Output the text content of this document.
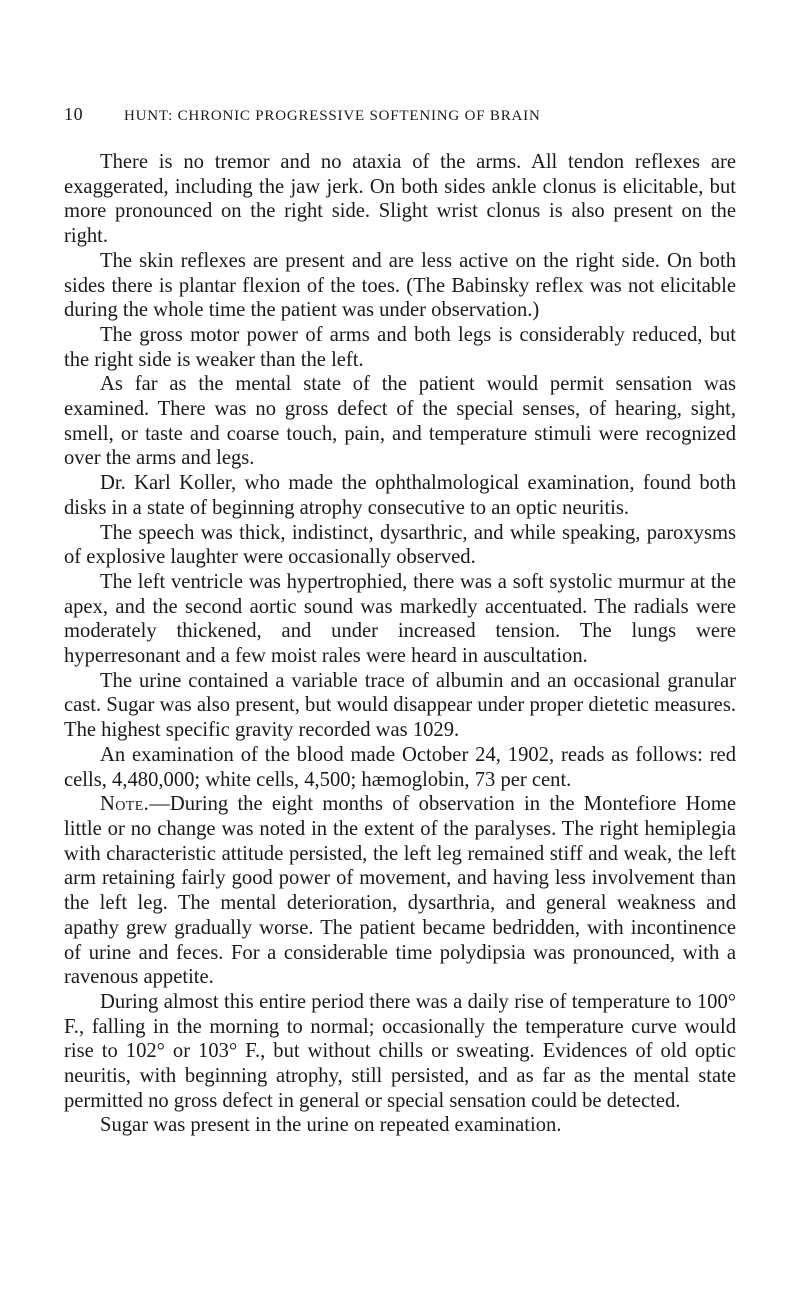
10	HUNT: CHRONIC PROGRESSIVE SOFTENING OF BRAIN

There is no tremor and no ataxia of the arms. All tendon reflexes are exaggerated, including the jaw jerk. On both sides ankle clonus is elicitable, but more pronounced on the right side. Slight wrist clonus is also present on the right.

The skin reflexes are present and are less active on the right side. On both sides there is plantar flexion of the toes. (The Babinsky reflex was not elicitable during the whole time the patient was under observation.)

The gross motor power of arms and both legs is considerably reduced, but the right side is weaker than the left.

As far as the mental state of the patient would permit sensation was examined. There was no gross defect of the special senses, of hearing, sight, smell, or taste and coarse touch, pain, and temperature stimuli were recognized over the arms and legs.

Dr. Karl Koller, who made the ophthalmological examination, found both disks in a state of beginning atrophy consecutive to an optic neuritis.

The speech was thick, indistinct, dysarthric, and while speaking, paroxysms of explosive laughter were occasionally observed.

The left ventricle was hypertrophied, there was a soft systolic murmur at the apex, and the second aortic sound was markedly accentuated. The radials were moderately thickened, and under increased tension. The lungs were hyperresonant and a few moist rales were heard in auscultation.

The urine contained a variable trace of albumin and an occasional granular cast. Sugar was also present, but would disappear under proper dietetic measures. The highest specific gravity recorded was 1029.

An examination of the blood made October 24, 1902, reads as follows: red cells, 4,480,000; white cells, 4,500; hæmoglobin, 73 per cent.

Note.—During the eight months of observation in the Montefiore Home little or no change was noted in the extent of the paralyses. The right hemiplegia with characteristic attitude persisted, the left leg remained stiff and weak, the left arm retaining fairly good power of movement, and having less involvement than the left leg. The mental deterioration, dysarthria, and general weakness and apathy grew gradually worse. The patient became bedridden, with incontinence of urine and feces. For a considerable time polydipsia was pronounced, with a ravenous appetite.

During almost this entire period there was a daily rise of temperature to 100° F., falling in the morning to normal; occasionally the temperature curve would rise to 102° or 103° F., but without chills or sweating. Evidences of old optic neuritis, with beginning atrophy, still persisted, and as far as the mental state permitted no gross defect in general or special sensation could be detected.

Sugar was present in the urine on repeated examination.
